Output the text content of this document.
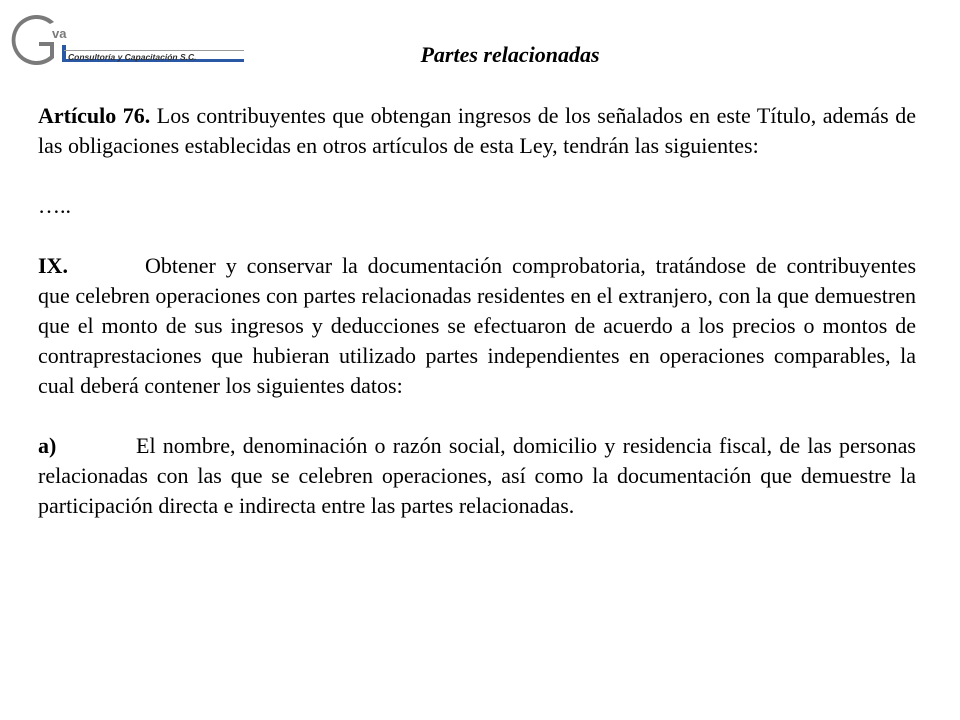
va
Consultoría y Capacitación S.C.	Partes relacionadas

Artículo 76. Los contribuyentes que obtengan ingresos de los señalados en este Título, además de las obligaciones establecidas en otros artículos de esta Ley, tendrán las siguientes:

…..

IX.	Obtener y conservar la documentación comprobatoria, tratándose de contribuyentes que celebren operaciones con partes relacionadas residentes en el extranjero, con la que demuestren que el monto de sus ingresos y deducciones se efectuaron de acuerdo a los precios o montos de contraprestaciones que hubieran utilizado partes independientes en operaciones comparables, la cual deberá contener los siguientes datos:

a)	El nombre, denominación o razón social, domicilio y residencia fiscal, de las personas relacionadas con las que se celebren operaciones, así como la documentación que demuestre la participación directa e indirecta entre las partes relacionadas.
